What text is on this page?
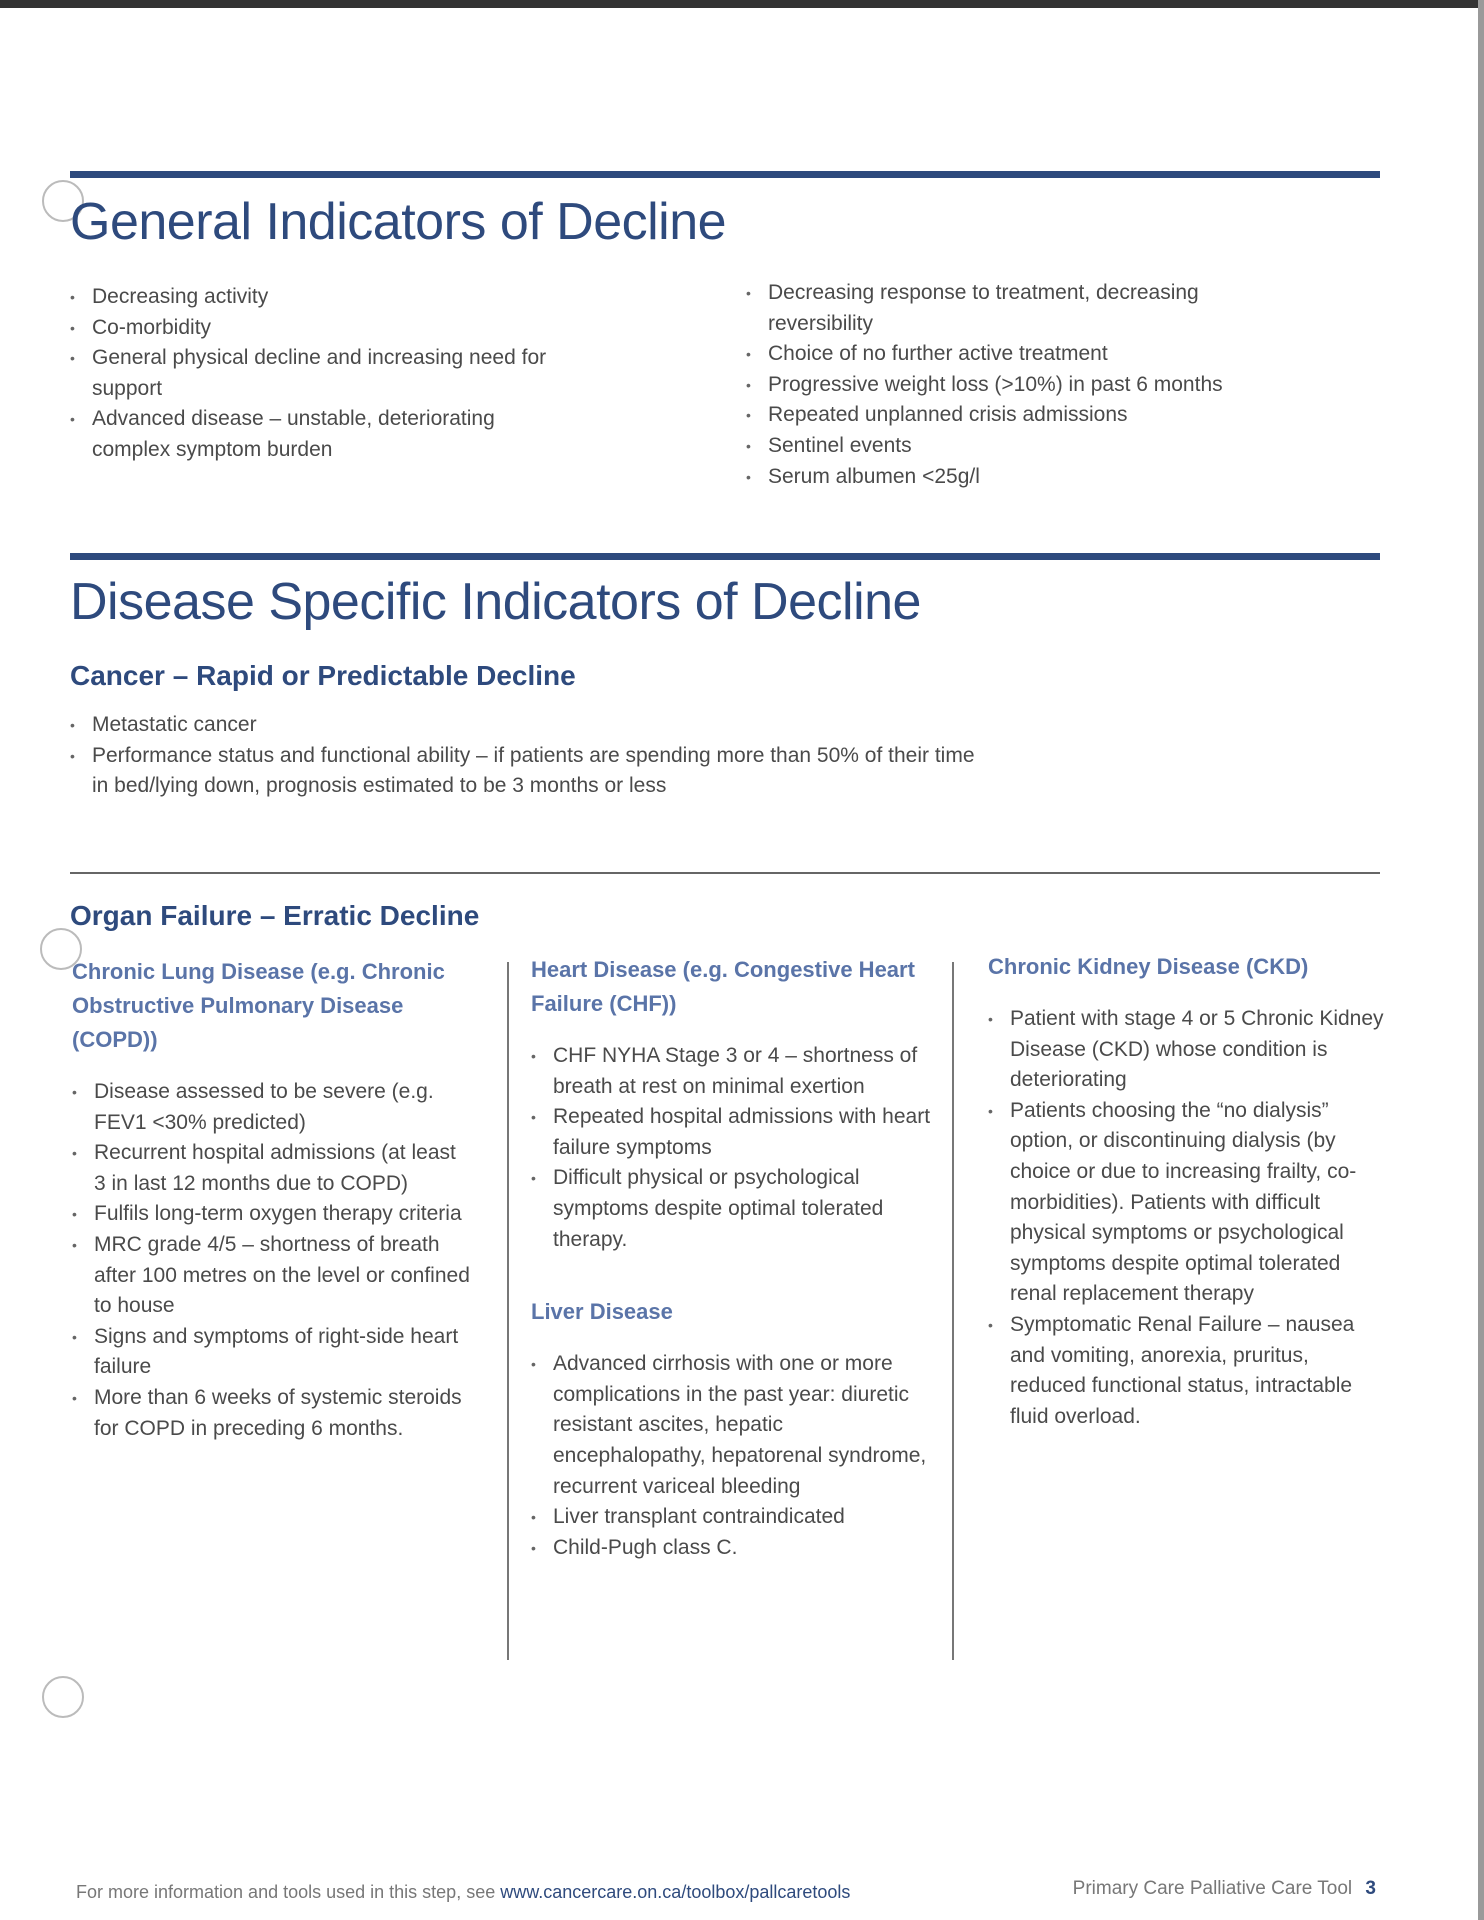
General Indicators of Decline
• Decreasing activity
• Co-morbidity
• General physical decline and increasing need for support
• Advanced disease – unstable, deteriorating complex symptom burden
• Decreasing response to treatment, decreasing reversibility
• Choice of no further active treatment
• Progressive weight loss (>10%) in past 6 months
• Repeated unplanned crisis admissions
• Sentinel events
• Serum albumen <25g/l
Disease Specific Indicators of Decline
Cancer – Rapid or Predictable Decline
• Metastatic cancer
• Performance status and functional ability – if patients are spending more than 50% of their time in bed/lying down, prognosis estimated to be 3 months or less
Organ Failure – Erratic Decline
Chronic Lung Disease (e.g. Chronic Obstructive Pulmonary Disease (COPD))
• Disease assessed to be severe (e.g. FEV1 <30% predicted)
• Recurrent hospital admissions (at least 3 in last 12 months due to COPD)
• Fulfils long-term oxygen therapy criteria
• MRC grade 4/5 – shortness of breath after 100 metres on the level or confined to house
• Signs and symptoms of right-side heart failure
• More than 6 weeks of systemic steroids for COPD in preceding 6 months.
Heart Disease (e.g. Congestive Heart Failure (CHF))
• CHF NYHA Stage 3 or 4 – shortness of breath at rest on minimal exertion
• Repeated hospital admissions with heart failure symptoms
• Difficult physical or psychological symptoms despite optimal tolerated therapy.
Liver Disease
• Advanced cirrhosis with one or more complications in the past year: diuretic resistant ascites, hepatic encephalopathy, hepatorenal syndrome, recurrent variceal bleeding
• Liver transplant contraindicated
• Child-Pugh class C.
Chronic Kidney Disease (CKD)
• Patient with stage 4 or 5 Chronic Kidney Disease (CKD) whose condition is deteriorating
• Patients choosing the “no dialysis” option, or discontinuing dialysis (by choice or due to increasing frailty, co-morbidities). Patients with difficult physical symptoms or psychological symptoms despite optimal tolerated renal replacement therapy
• Symptomatic Renal Failure – nausea and vomiting, anorexia, pruritus, reduced functional status, intractable fluid overload.
For more information and tools used in this step, see www.cancercare.on.ca/toolbox/pallcaretools	Primary Care Palliative Care Tool 3
